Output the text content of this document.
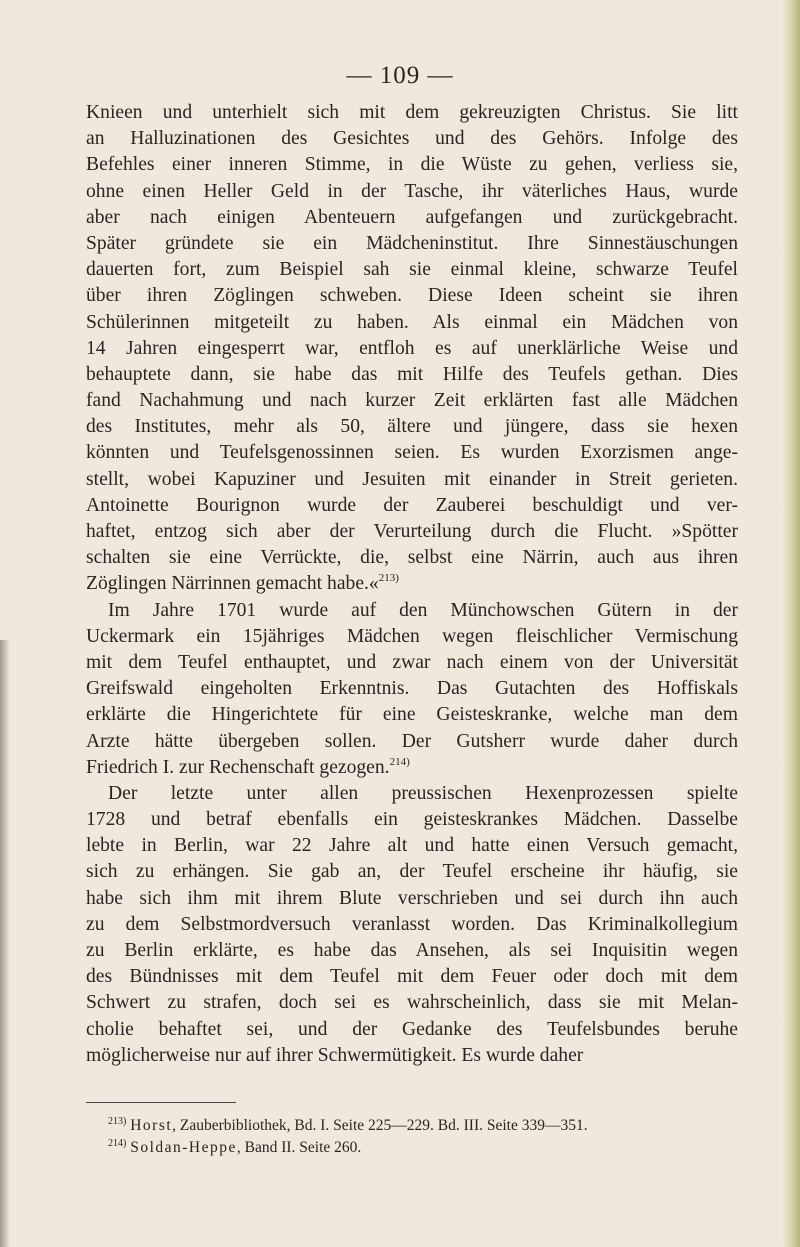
— 109 —
Knieen und unterhielt sich mit dem gekreuzigten Christus. Sie litt
an Halluzinationen des Gesichtes und des Gehörs. Infolge des
Befehles einer inneren Stimme, in die Wüste zu gehen, verliess sie,
ohne einen Heller Geld in der Tasche, ihr väterliches Haus, wurde
aber nach einigen Abenteuern aufgefangen und zurückgebracht.
Später gründete sie ein Mädcheninstitut. Ihre Sinnestäuschungen
dauerten fort, zum Beispiel sah sie einmal kleine, schwarze Teufel
über ihren Zöglingen schweben. Diese Ideen scheint sie ihren
Schülerinnen mitgeteilt zu haben. Als einmal ein Mädchen von
14 Jahren eingesperrt war, entfloh es auf unerklärliche Weise und
behauptete dann, sie habe das mit Hilfe des Teufels gethan. Dies
fand Nachahmung und nach kurzer Zeit erklärten fast alle Mädchen
des Institutes, mehr als 50, ältere und jüngere, dass sie hexen
könnten und Teufelsgenossinnen seien. Es wurden Exorzismen ange-
stellt, wobei Kapuziner und Jesuiten mit einander in Streit gerieten.
Antoinette Bourignon wurde der Zauberei beschuldigt und ver-
haftet, entzog sich aber der Verurteilung durch die Flucht. »Spötter
schalten sie eine Verrückte, die, selbst eine Närrin, auch aus ihren
Zöglingen Närrinnen gemacht habe.«$^{213)}$
Im Jahre 1701 wurde auf den Münchowschen Gütern in der
Uckermark ein 15jähriges Mädchen wegen fleischlicher Vermischung
mit dem Teufel enthauptet, und zwar nach einem von der Universität
Greifswald eingeholten Erkenntnis. Das Gutachten des Hoffiskals
erklärte die Hingerichtete für eine Geisteskranke, welche man dem
Arzte hätte übergeben sollen. Der Gutsherr wurde daher durch
Friedrich I. zur Rechenschaft gezogen.$^{214)}$
Der letzte unter allen preussischen Hexenprozessen spielte
1728 und betraf ebenfalls ein geisteskrankes Mädchen. Dasselbe
lebte in Berlin, war 22 Jahre alt und hatte einen Versuch gemacht,
sich zu erhängen. Sie gab an, der Teufel erscheine ihr häufig, sie
habe sich ihm mit ihrem Blute verschrieben und sei durch ihn auch
zu dem Selbstmordversuch veranlasst worden. Das Kriminalkollegium
zu Berlin erklärte, es habe das Ansehen, als sei Inquisitin wegen
des Bündnisses mit dem Teufel mit dem Feuer oder doch mit dem
Schwert zu strafen, doch sei es wahrscheinlich, dass sie mit Melan-
cholie behaftet sei, und der Gedanke des Teufelsbundes beruhe
möglicherweise nur auf ihrer Schwermütigkeit. Es wurde daher
$^{213)}$ Horst, Zauberbibliothek, Bd. I. Seite 225—229. Bd. III. Seite 339—351.
$^{214)}$ Soldan-Heppe, Band II. Seite 260.
